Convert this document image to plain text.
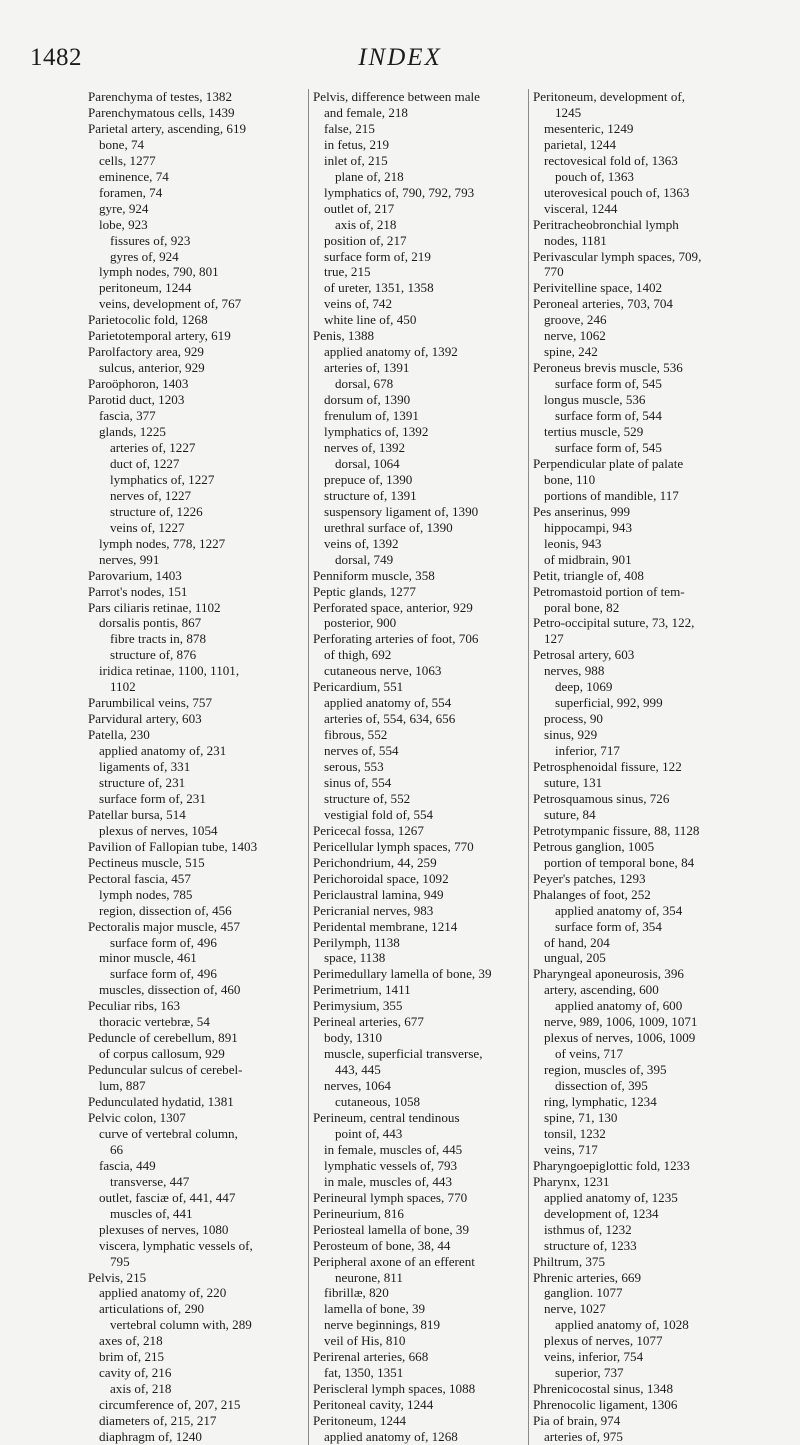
1482	INDEX
Parenchyma of testes, 1382
Parenchymatous cells, 1439
Parietal artery, ascending, 619
bone, 74
cells, 1277
eminence, 74
foramen, 74
gyre, 924
lobe, 923
fissures of, 923
gyres of, 924
lymph nodes, 790, 801
peritoneum, 1244
veins, development of, 767
Parietocolic fold, 1268
Parietotemporal artery, 619
Parolfactory area, 929
sulcus, anterior, 929
Paroöphoron, 1403
Parotid duct, 1203
fascia, 377
glands, 1225
arteries of, 1227
duct of, 1227
lymphatics of, 1227
nerves of, 1227
structure of, 1226
veins of, 1227
lymph nodes, 778, 1227
nerves, 991
Parovarium, 1403
Parrot's nodes, 151
Pars ciliaris retinae, 1102
dorsalis pontis, 867
fibre tracts in, 878
structure of, 876
iridica retinae, 1100, 1101,
1102
Parumbilical veins, 757
Parvidural artery, 603
Patella, 230
applied anatomy of, 231
ligaments of, 331
structure of, 231
surface form of, 231
Patellar bursa, 514
plexus of nerves, 1054
Pavilion of Fallopian tube, 1403
Pectineus muscle, 515
Pectoral fascia, 457
lymph nodes, 785
region, dissection of, 456
Pectoralis major muscle, 457
surface form of, 496
minor muscle, 461
surface form of, 496
muscles, dissection of, 460
Peculiar ribs, 163
thoracic vertebræ, 54
Peduncle of cerebellum, 891
of corpus callosum, 929
Peduncular sulcus of cerebel-
lum, 887
Pedunculated hydatid, 1381
Pelvic colon, 1307
curve of vertebral column,
66
fascia, 449
transverse, 447
outlet, fasciæ of, 441, 447
muscles of, 441
plexuses of nerves, 1080
viscera, lymphatic vessels of,
795
Pelvis, 215
applied anatomy of, 220
articulations of, 290
vertebral column with, 289
axes of, 218
brim of, 215
cavity of, 216
axis of, 218
circumference of, 207, 215
diameters of, 215, 217
diaphragm of, 1240
Pelvis, difference between male
and female, 218
false, 215
in fetus, 219
inlet of, 215
plane of, 218
lymphatics of, 790, 792, 793
outlet of, 217
axis of, 218
position of, 217
surface form of, 219
true, 215
of ureter, 1351, 1358
veins of, 742
white line of, 450
Penis, 1388
applied anatomy of, 1392
arteries of, 1391
dorsal, 678
dorsum of, 1390
frenulum of, 1391
lymphatics of, 1392
nerves of, 1392
dorsal, 1064
prepuce of, 1390
structure of, 1391
suspensory ligament of, 1390
urethral surface of, 1390
veins of, 1392
dorsal, 749
Penniform muscle, 358
Peptic glands, 1277
Perforated space, anterior, 929
posterior, 900
Perforating arteries of foot, 706
of thigh, 692
cutaneous nerve, 1063
Pericardium, 551
applied anatomy of, 554
arteries of, 554, 634, 656
fibrous, 552
nerves of, 554
serous, 553
sinus of, 554
structure of, 552
vestigial fold of, 554
Pericecal fossa, 1267
Pericellular lymph spaces, 770
Perichondrium, 44, 259
Perichoroidal space, 1092
Periclaustral lamina, 949
Pericranial nerves, 983
Peridental membrane, 1214
Perilymph, 1138
space, 1138
Perimedullary lamella of bone, 39
Perimetrium, 1411
Perimysium, 355
Perineal arteries, 677
body, 1310
muscle, superficial transverse,
443, 445
nerves, 1064
cutaneous, 1058
Perineum, central tendinous
point of, 443
in female, muscles of, 445
lymphatic vessels of, 793
in male, muscles of, 443
Perineural lymph spaces, 770
Perineurium, 816
Periosteal lamella of bone, 39
Perosteum of bone, 38, 44
Peripheral axone of an efferent
neurone, 811
fibrillæ, 820
lamella of bone, 39
nerve beginnings, 819
veil of His, 810
Perirenal arteries, 668
fat, 1350, 1351
Periscleral lymph spaces, 1088
Peritoneal cavity, 1244
Peritoneum, 1244
applied anatomy of, 1268
Peritoneum, development of,
1245
mesenteric, 1249
parietal, 1244
rectovesical fold of, 1363
pouch of, 1363
uterovesical pouch of, 1363
visceral, 1244
Peritracheobronchial lymph
nodes, 1181
Perivascular lymph spaces, 709,
770
Perivitelline space, 1402
Peroneal arteries, 703, 704
groove, 246
nerve, 1062
spine, 242
Peroneus brevis muscle, 536
surface form of, 545
longus muscle, 536
surface form of, 544
tertius muscle, 529
surface form of, 545
Perpendicular plate of palate
bone, 110
portions of mandible, 117
Pes anserinus, 999
hippocampi, 943
leonis, 943
of midbrain, 901
Petit, triangle of, 408
Petromastoid portion of tem-
poral bone, 82
Petro-occipital suture, 73, 122,
127
Petrosal artery, 603
nerves, 988
deep, 1069
superficial, 992, 999
process, 90
sinus, 929
inferior, 717
Petrosphenoidal fissure, 122
suture, 131
Petrosquamous sinus, 726
suture, 84
Petrotympanic fissure, 88, 1128
Petrous ganglion, 1005
portion of temporal bone, 84
Peyer's patches, 1293
Phalanges of foot, 252
applied anatomy of, 354
surface form of, 354
of hand, 204
ungual, 205
Pharyngeal aponeurosis, 396
artery, ascending, 600
applied anatomy of, 600
nerve, 989, 1006, 1009, 1071
plexus of nerves, 1006, 1009
of veins, 717
region, muscles of, 395
dissection of, 395
ring, lymphatic, 1234
spine, 71, 130
tonsil, 1232
veins, 717
Pharyngoepiglottic fold, 1233
Pharynx, 1231
applied anatomy of, 1235
development of, 1234
isthmus of, 1232
structure of, 1233
Philtrum, 375
Phrenic arteries, 669
ganglion. 1077
nerve, 1027
applied anatomy of, 1028
plexus of nerves, 1077
veins, inferior, 754
superior, 737
Phrenicocostal sinus, 1348
Phrenocolic ligament, 1306
Pia of brain, 974
arteries of, 975
